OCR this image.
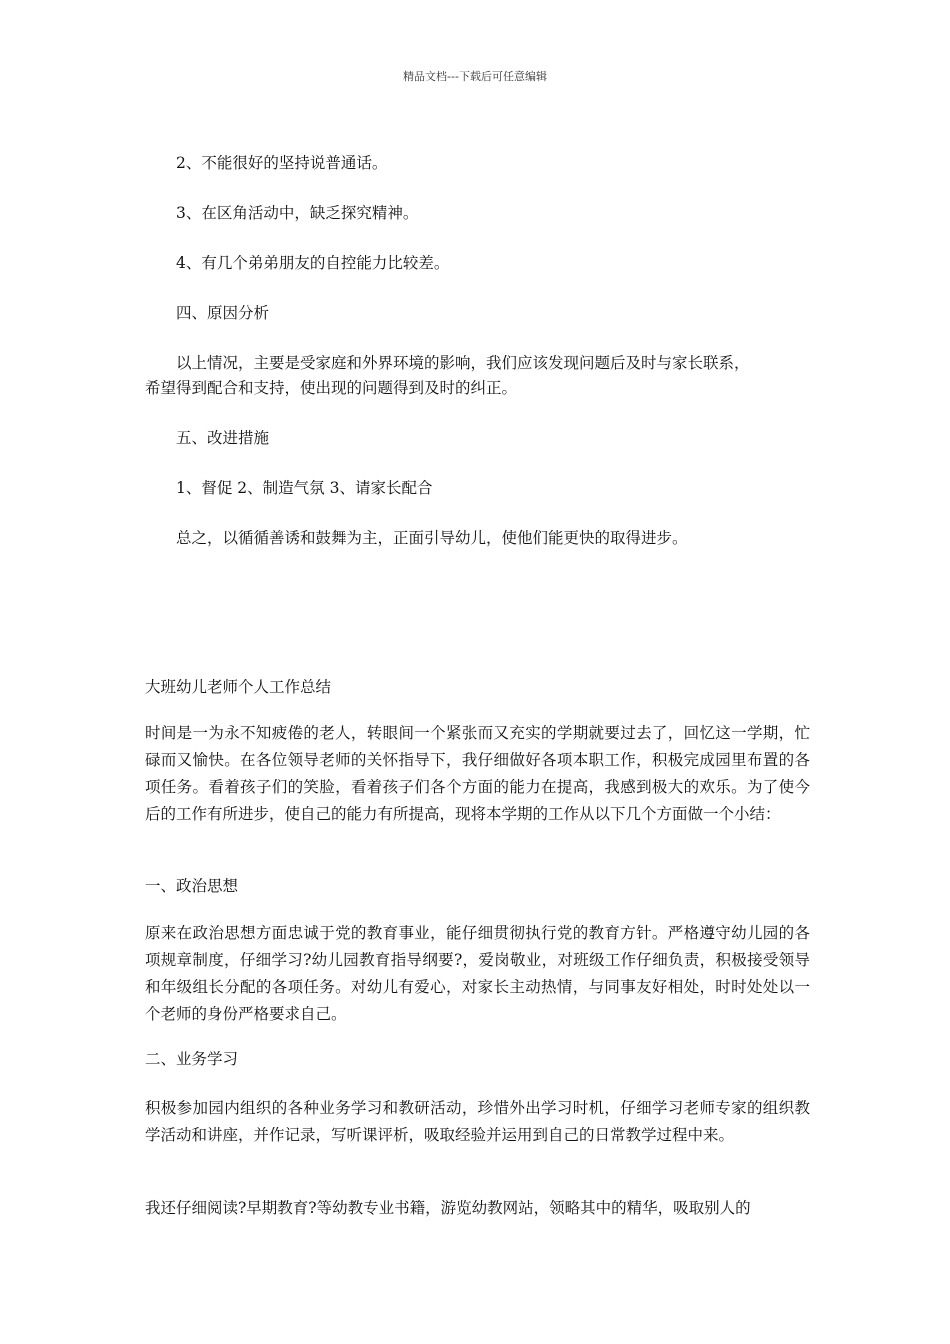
精品文档---下载后可任意编辑
2、不能很好的坚持说普通话。
3、在区角活动中，缺乏探究精神。
4、有几个弟弟朋友的自控能力比较差。
四、原因分析
以上情况，主要是受家庭和外界环境的影响，我们应该发现问题后及时与家长联系，
希望得到配合和支持，使出现的问题得到及时的纠正。
五、改进措施
1、督促 2、制造气氛 3、请家长配合
总之，以循循善诱和鼓舞为主，正面引导幼儿，使他们能更快的取得进步。
大班幼儿老师个人工作总结
时间是一为永不知疲倦的老人，转眼间一个紧张而又充实的学期就要过去了，回忆这一学期，忙碌而又愉快。在各位领导老师的关怀指导下，我仔细做好各项本职工作，积极完成园里布置的各项任务。看着孩子们的笑脸，看着孩子们各个方面的能力在提高，我感到极大的欢乐。为了使今后的工作有所进步，使自己的能力有所提高，现将本学期的工作从以下几个方面做一个小结：
一、政治思想
原来在政治思想方面忠诚于党的教育事业，能仔细贯彻执行党的教育方针。严格遵守幼儿园的各项规章制度，仔细学习?幼儿园教育指导纲要?，爱岗敬业，对班级工作仔细负责，积极接受领导和年级组长分配的各项任务。对幼儿有爱心，对家长主动热情，与同事友好相处，时时处处以一个老师的身份严格要求自己。
二、业务学习
积极参加园内组织的各种业务学习和教研活动，珍惜外出学习时机，仔细学习老师专家的组织教学活动和讲座，并作记录，写听课评析，吸取经验并运用到自己的日常教学过程中来。
我还仔细阅读?早期教育?等幼教专业书籍，游览幼教网站，领略其中的精华，吸取别人的
